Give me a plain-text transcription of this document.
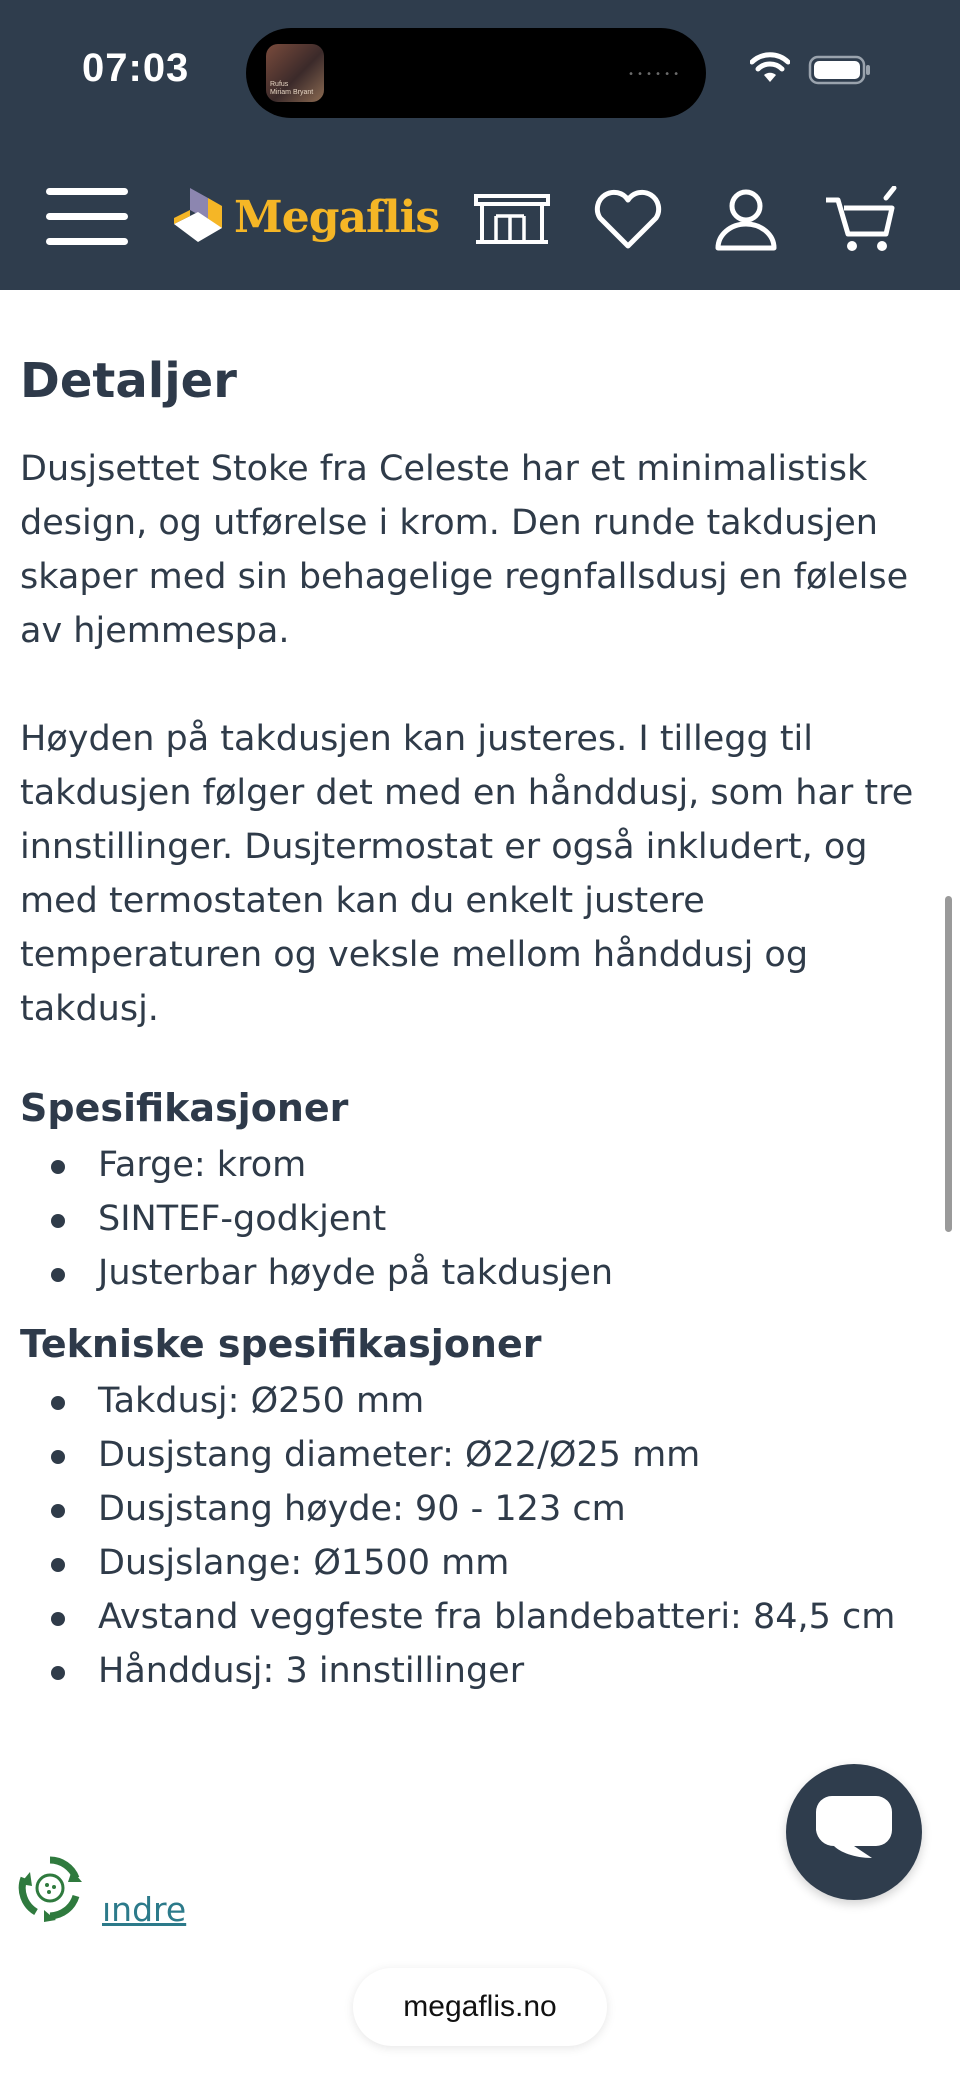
07:03	Rufus
Miriam Bryant
••••••
Megaflis
Detaljer

Dusjsettet Stoke fra Celeste har et minimalistisk design, og utførelse i krom. Den runde takdusjen skaper med sin behagelige regnfallsdusj en følelse av hjemmespa.

Høyden på takdusjen kan justeres. I tillegg til takdusjen følger det med en hånddusj, som har tre innstillinger. Dusjtermostat er også inkludert, og med termostaten kan du enkelt justere temperaturen og veksle mellom hånddusj og takdusj.

Spesifikasjoner
Farge: krom
SINTEF-godkjent
Justerbar høyde på takdusjen
Tekniske spesifikasjoner
Takdusj: Ø250 mm
Dusjstang diameter: Ø22/Ø25 mm
Dusjstang høyde: 90 - 123 cm
Dusjslange: Ø1500 mm
Avstand veggfeste fra blandebatteri: 84,5 cm
Hånddusj: 3 innstillinger
ındre
megaflis.no
